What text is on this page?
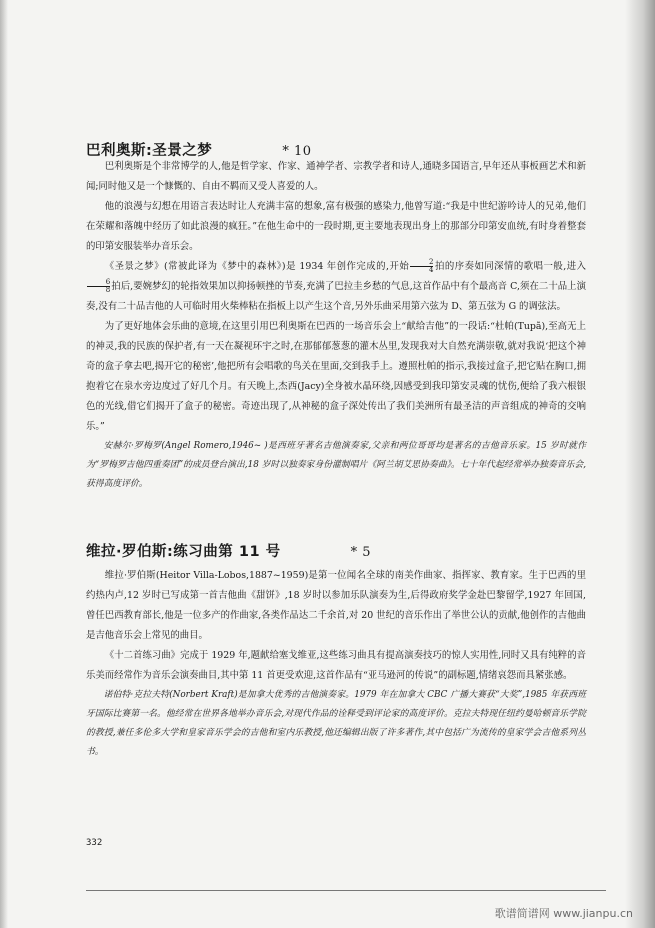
巴利奥斯:圣景之梦	* 10

巴利奥斯是个非常博学的人,他是哲学家、作家、通神学者、宗教学者和诗人,通晓多国语言,早年还从事板画艺术和新闻;同时他又是一个慷慨的、自由不羁而又受人喜爱的人。

他的浪漫与幻想在用语言表达时让人充满丰富的想象,富有极强的感染力,他曾写道:“我是中世纪游吟诗人的兄弟,他们在荣耀和落魄中经历了如此浪漫的疯狂。”在他生命中的一段时期,更主要地表现出身上的那部分印第安血统,有时身着整套的印第安服装举办音乐会。

《圣景之梦》(常被此译为《梦中的森林》)是 1934 年创作完成的,开始 $\frac{2}{4}$ 拍的序奏如同深情的歌唱一般,进入
$\frac{6}{8}$ 拍后,要婉梦幻的轮指效果加以抑扬顿挫的节奏,充满了巴拉圭乡愁的气息,这首作品中有个最高音 C,须在二十品上演奏,没有二十品吉他的人可临时用火柴棒粘在指板上以产生这个音,另外乐曲采用第六弦为 D、第五弦为 G 的调弦法。

为了更好地体会乐曲的意境,在这里引用巴利奥斯在巴西的一场音乐会上“献给吉他”的一段话:“杜帕(Tupã),至高无上的神灵,我的民族的保护者,有一天在凝视环宇之时,在那郁郁葱葱的灌木丛里,发现我对大自然充满崇敬,就对我说‘把这个神奇的盒子拿去吧,揭开它的秘密’,他把所有会唱歌的鸟关在里面,交到我手上。遵照杜帕的指示,我接过盒子,把它贴在胸口,拥抱着它在泉水旁边度过了好几个月。有天晚上,杰西(Jacy)全身被水晶环绕,因感受到我印第安灵魂的忧伤,便给了我六根银色的光线,借它们揭开了盒子的秘密。奇迹出现了,从神秘的盒子深处传出了我们美洲所有最圣洁的声音组成的神奇的交响乐。”

安赫尔·罗梅罗(Angel Romero,1946~ )是西班牙著名吉他演奏家,父亲和两位哥哥均是著名的吉他音乐家。15 岁时就作为“罗梅罗吉他四重奏团”的成员登台演出,18 岁时以独奏家身份灌制唱片《阿兰胡艾思协奏曲》。七十年代起经常举办独奏音乐会,获得高度评价。

维拉·罗伯斯:练习曲第 11 号	* 5

维拉·罗伯斯(Heitor Villa-Lobos,1887~1959)是第一位闻名全球的南美作曲家、指挥家、教育家。生于巴西的里约热内卢,12 岁时已写成第一首吉他曲《甜饼》,18 岁时以参加乐队演奏为生,后得政府奖学金赴巴黎留学,1927 年回国,曾任巴西教育部长,他是一位多产的作曲家,各类作品达二千余首,对 20 世纪的音乐作出了举世公认的贡献,他创作的吉他曲是吉他音乐会上常见的曲目。

《十二首练习曲》完成于 1929 年,题献给塞戈维亚,这些练习曲具有提高演奏技巧的惊人实用性,同时又具有纯粹的音乐美而经常作为音乐会演奏曲目,其中第 11 首更受欢迎,这首作品有“亚马逊河的传说”的副标题,情绪哀怨而具紧张感。

诺伯特·克拉夫特(Norbert Kraft)是加拿大优秀的吉他演奏家。1979 年在加拿大 CBC 广播大赛获“大奖”,1985 年获西班牙国际比赛第一名。他经常在世界各地举办音乐会,对现代作品的诠释受到评论家的高度评价。克拉夫特现任纽约曼哈顿音乐学院的教授,兼任多伦多大学和皇家音乐学会的吉他和室内乐教授,他还编辑出版了许多著作,其中包括广为流传的皇家学会吉他系列丛书。

332
歌谱简谱网 www.jianpu.cn
